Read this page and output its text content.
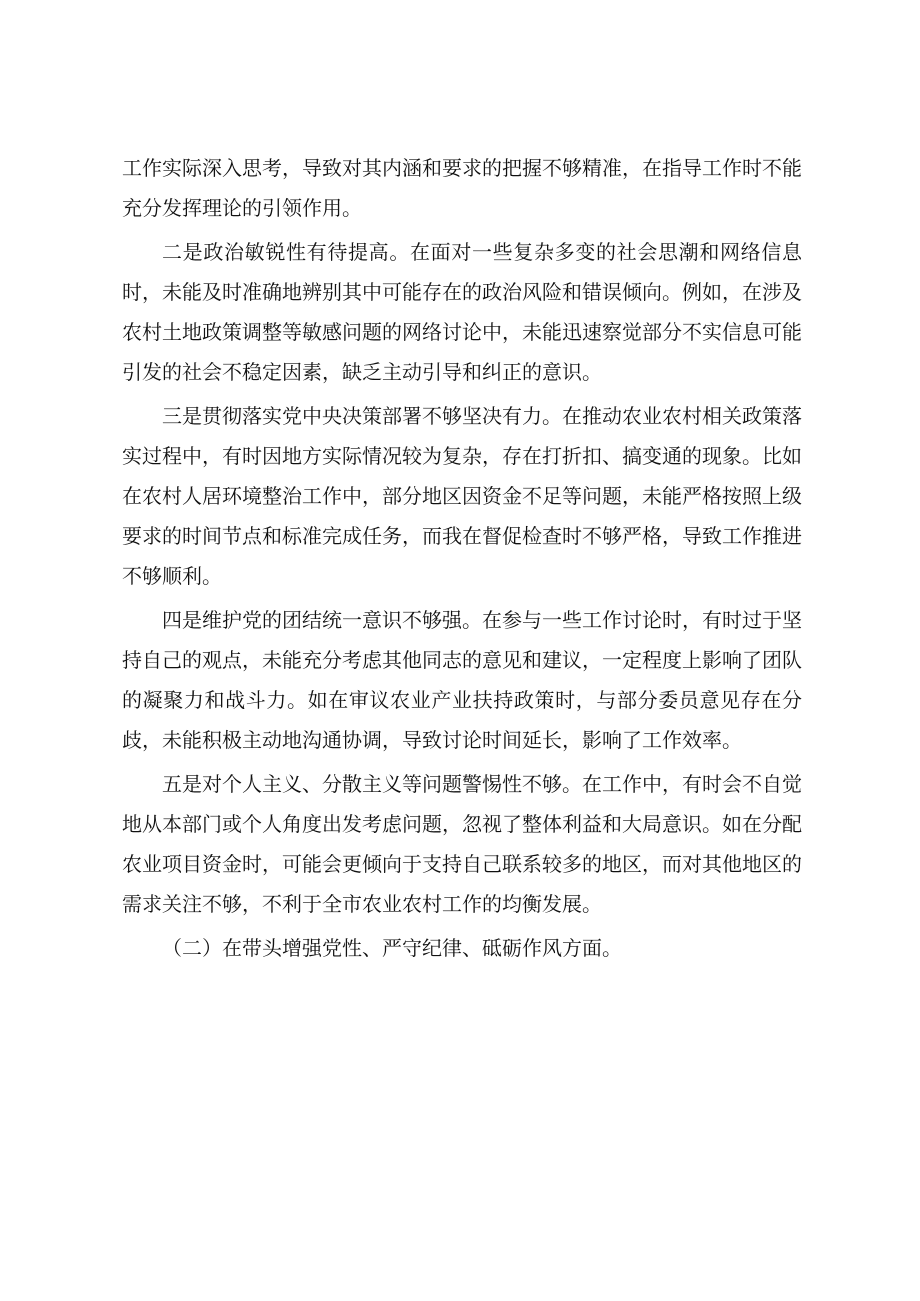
工作实际深入思考，导致对其内涵和要求的把握不够精准，在指导工作时不能充分发挥理论的引领作用。

二是政治敏锐性有待提高。在面对一些复杂多变的社会思潮和网络信息时，未能及时准确地辨别其中可能存在的政治风险和错误倾向。例如，在涉及农村土地政策调整等敏感问题的网络讨论中，未能迅速察觉部分不实信息可能引发的社会不稳定因素，缺乏主动引导和纠正的意识。

三是贯彻落实党中央决策部署不够坚决有力。在推动农业农村相关政策落实过程中，有时因地方实际情况较为复杂，存在打折扣、搞变通的现象。比如在农村人居环境整治工作中，部分地区因资金不足等问题，未能严格按照上级要求的时间节点和标准完成任务，而我在督促检查时不够严格，导致工作推进不够顺利。

四是维护党的团结统一意识不够强。在参与一些工作讨论时，有时过于坚持自己的观点，未能充分考虑其他同志的意见和建议，一定程度上影响了团队的凝聚力和战斗力。如在审议农业产业扶持政策时，与部分委员意见存在分歧，未能积极主动地沟通协调，导致讨论时间延长，影响了工作效率。

五是对个人主义、分散主义等问题警惕性不够。在工作中，有时会不自觉地从本部门或个人角度出发考虑问题，忽视了整体利益和大局意识。如在分配农业项目资金时，可能会更倾向于支持自己联系较多的地区，而对其他地区的需求关注不够，不利于全市农业农村工作的均衡发展。

（二）在带头增强党性、严守纪律、砥砺作风方面。
